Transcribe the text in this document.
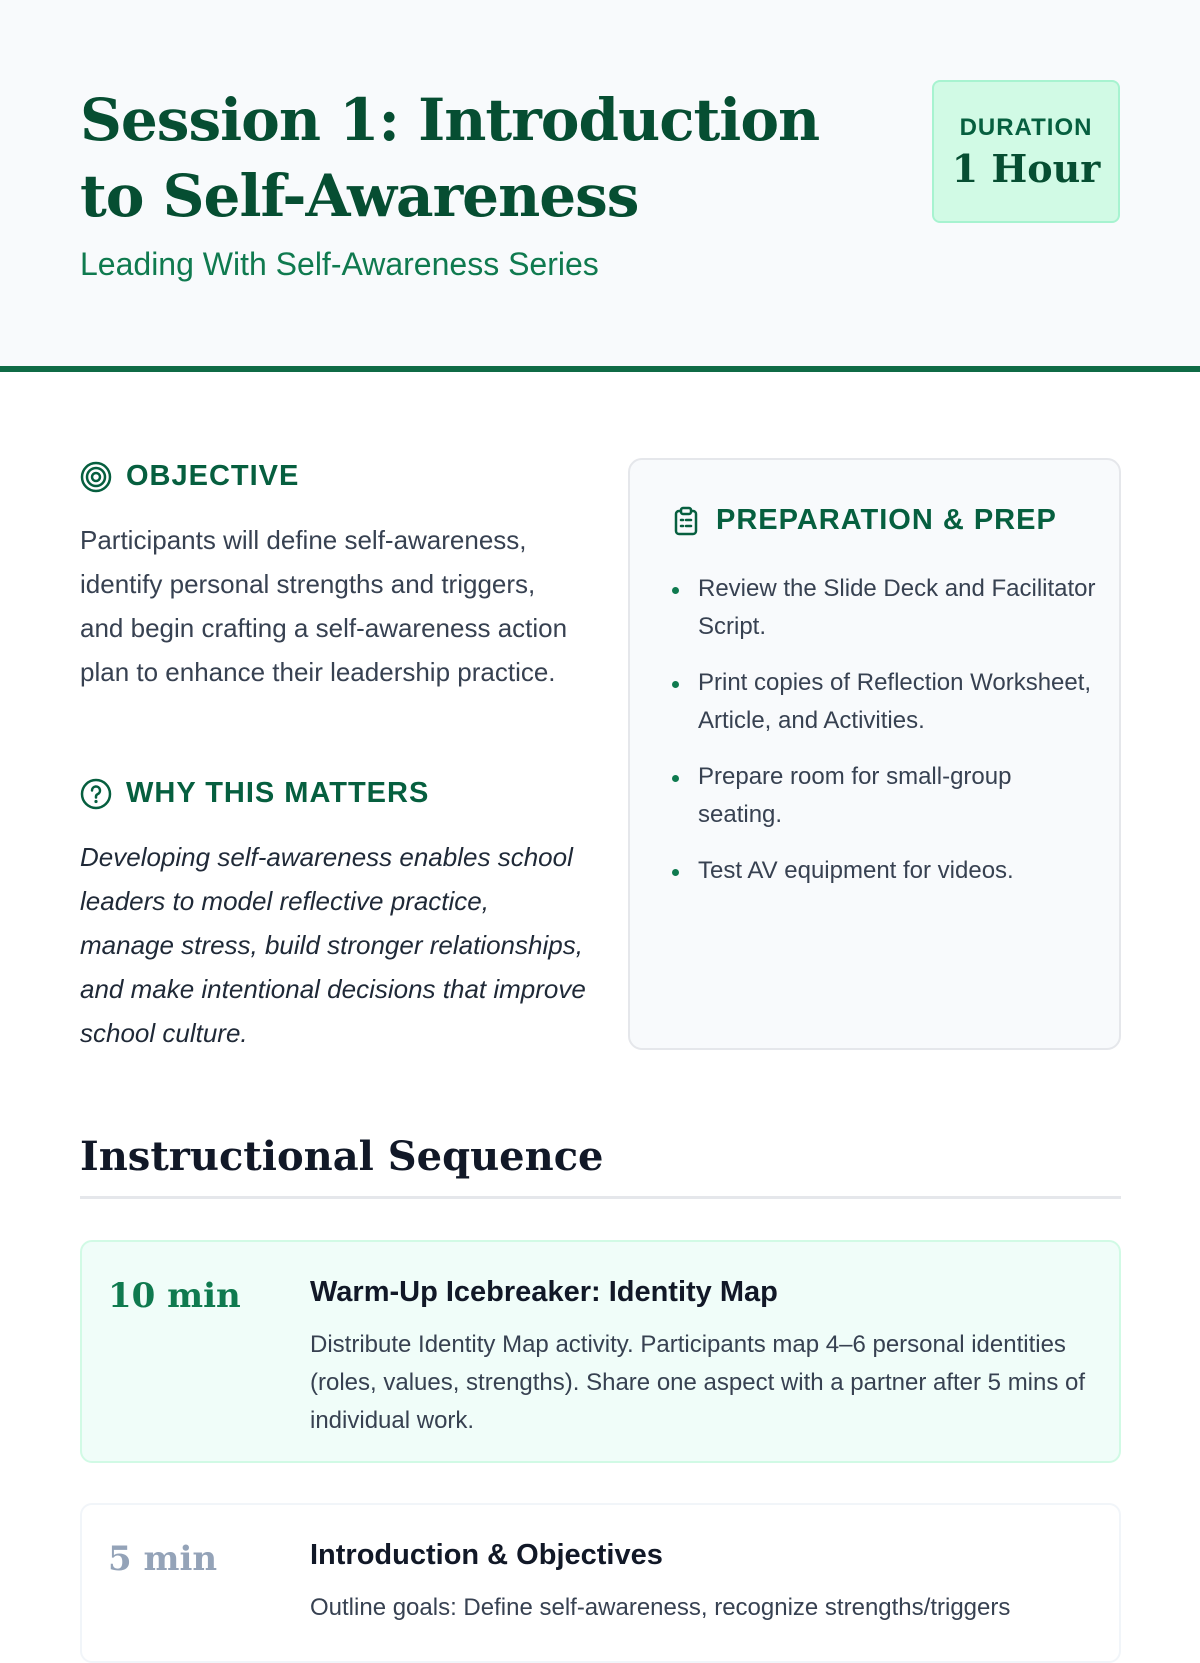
Session 1: Introduction to Self-Awareness
Leading With Self-Awareness Series
DURATION
1 Hour
OBJECTIVE

Participants will define self-awareness, identify personal strengths and triggers, and begin crafting a self-awareness action plan to enhance their leadership practice.

WHY THIS MATTERS

Developing self-awareness enables school leaders to model reflective practice, manage stress, build stronger relationships, and make intentional decisions that improve school culture.

PREPARATION & PREP
Review the Slide Deck and Facilitator Script.
Print copies of Reflection Worksheet, Article, and Activities.
Prepare room for small-group seating.
Test AV equipment for videos.
Instructional Sequence
10 min Warm-Up Icebreaker: Identity Map
Distribute Identity Map activity. Participants map 4–6 personal identities (roles, values, strengths). Share one aspect with a partner after 5 mins of individual work.
5 min	Introduction & Objectives
Outline goals: Define self-awareness, recognize strengths/triggers
